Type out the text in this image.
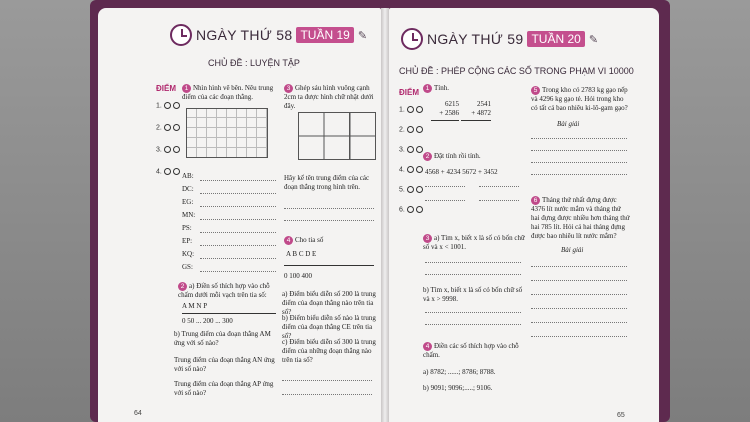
NGÀY THỨ 58 TUẦN 19 ✎
CHỦ ĐỀ : LUYỆN TẬP
ĐIỂM
1.
2.
3.
4.
1 Nhìn hình vẽ bên. Nêu trung điểm của các đoạn thẳng.
3 Ghép sáu hình vuông cạnh 2cm ta được hình chữ nhật dưới đây.
AB:
DC:
EG:
MN:
PS:
EP:
KQ:
GS:
Hãy kể tên trung điểm của các đoạn thẳng trong hình trên.
4 Cho tia số
A B C D E
0 100 400
2 a) Điền số thích hợp vào chỗ chấm dưới mỗi vạch trên tia số:
A M N P
0 50 ... 200 ... 300
b) Trung điểm của đoạn thẳng AM ứng với số nào?
Trung điểm của đoạn thẳng AN ứng với số nào?
Trung điểm của đoạn thẳng AP ứng với số nào?
a) Điểm biểu diễn số 200 là trung điểm của đoạn thẳng nào trên tia số?
b) Điểm biểu diễn số nào là trung điểm của đoạn thẳng CE trên tia số?
c) Điểm biểu diễn số 300 là trung điểm của những đoạn thẳng nào trên tia số?
64
NGÀY THỨ 59 TUẦN 20 ✎
CHỦ ĐỀ : PHÉP CỘNG CÁC SỐ TRONG PHẠM VI 10000
ĐIỂM
1.
2.
3.
4.
5.
6.
1 Tính.
6215
+ 2586
2541
+ 4872
2 Đặt tính rồi tính.
4568 + 4234 5672 + 3452
3 a) Tìm x, biết x là số có bốn chữ số và x < 1001.
b) Tìm x, biết x là số có bốn chữ số và x > 9998.
4 Điền các số thích hợp vào chỗ chấm.
a) 8782; ......; 8786; 8788.
b) 9091; 9096;.....; 9106.
5 Trong kho có 2783 kg gạo nếp và 4296 kg gạo tẻ. Hỏi trong kho có tất cả bao nhiêu ki-lô-gam gạo?
Bài giải
6 Tháng thứ nhất đựng được 4376 lít nước mắm và tháng thứ hai đựng được nhiều hơn tháng thứ hai 785 lít. Hỏi cả hai tháng đựng được bao nhiêu lít nước mắm?
Bài giải
65
